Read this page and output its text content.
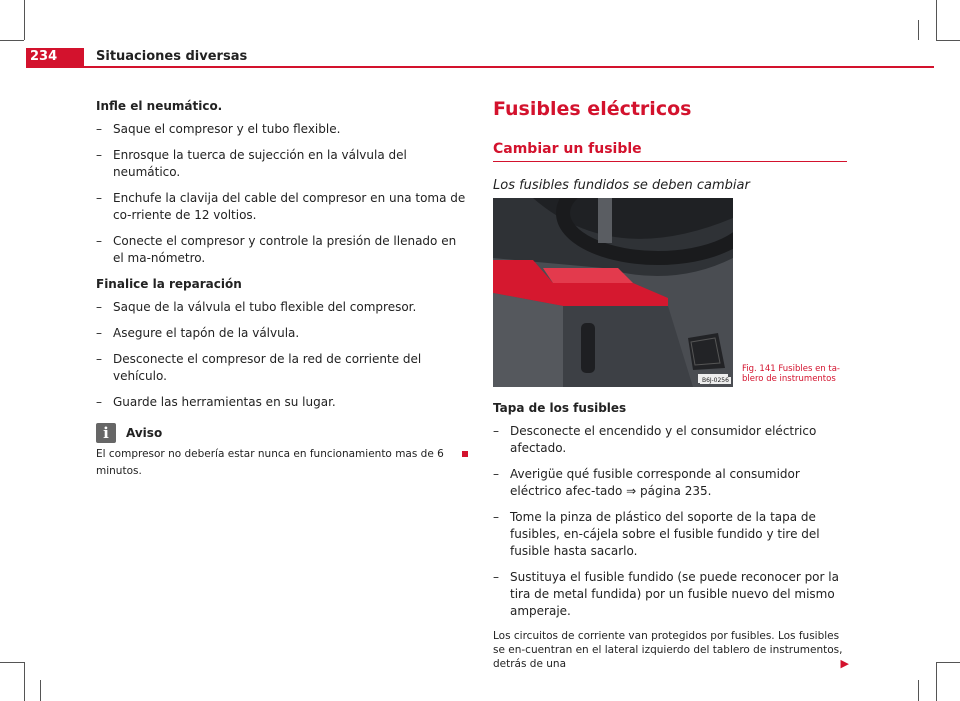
234	Situaciones diversas

Infle el neumático.

– Saque el compresor y el tubo flexible.
– Enrosque la tuerca de sujección en la válvula del neumático.
– Enchufe la clavija del cable del compresor en una toma de co-rriente de 12 voltios.
– Conecte el compresor y controle la presión de llenado en el ma-nómetro.

Finalice la reparación

– Saque de la válvula el tubo flexible del compresor.
– Asegure el tapón de la válvula.
– Desconecte el compresor de la red de corriente del vehículo.
– Guarde las herramientas en su lugar.
i	Aviso
El compresor no debería estar nunca en funcionamiento mas de 6 minutos.
Fusibles eléctricos
Cambiar un fusible
Los fusibles fundidos se deben cambiar
B6J-0256
Fig. 141 Fusibles en ta-blero de instrumentos

Tapa de los fusibles

– Desconecte el encendido y el consumidor eléctrico afectado.
– Averigüe qué fusible corresponde al consumidor eléctrico afec-tado ⇒ página 235.
– Tome la pinza de plástico del soporte de la tapa de fusibles, en-cájela sobre el fusible fundido y tire del fusible hasta sacarlo.
– Sustituya el fusible fundido (se puede reconocer por la tira de metal fundida) por un fusible nuevo del mismo amperaje.
Los circuitos de corriente van protegidos por fusibles. Los fusibles se en-cuentran en el lateral izquierdo del tablero de instrumentos, detrás de una	▶
